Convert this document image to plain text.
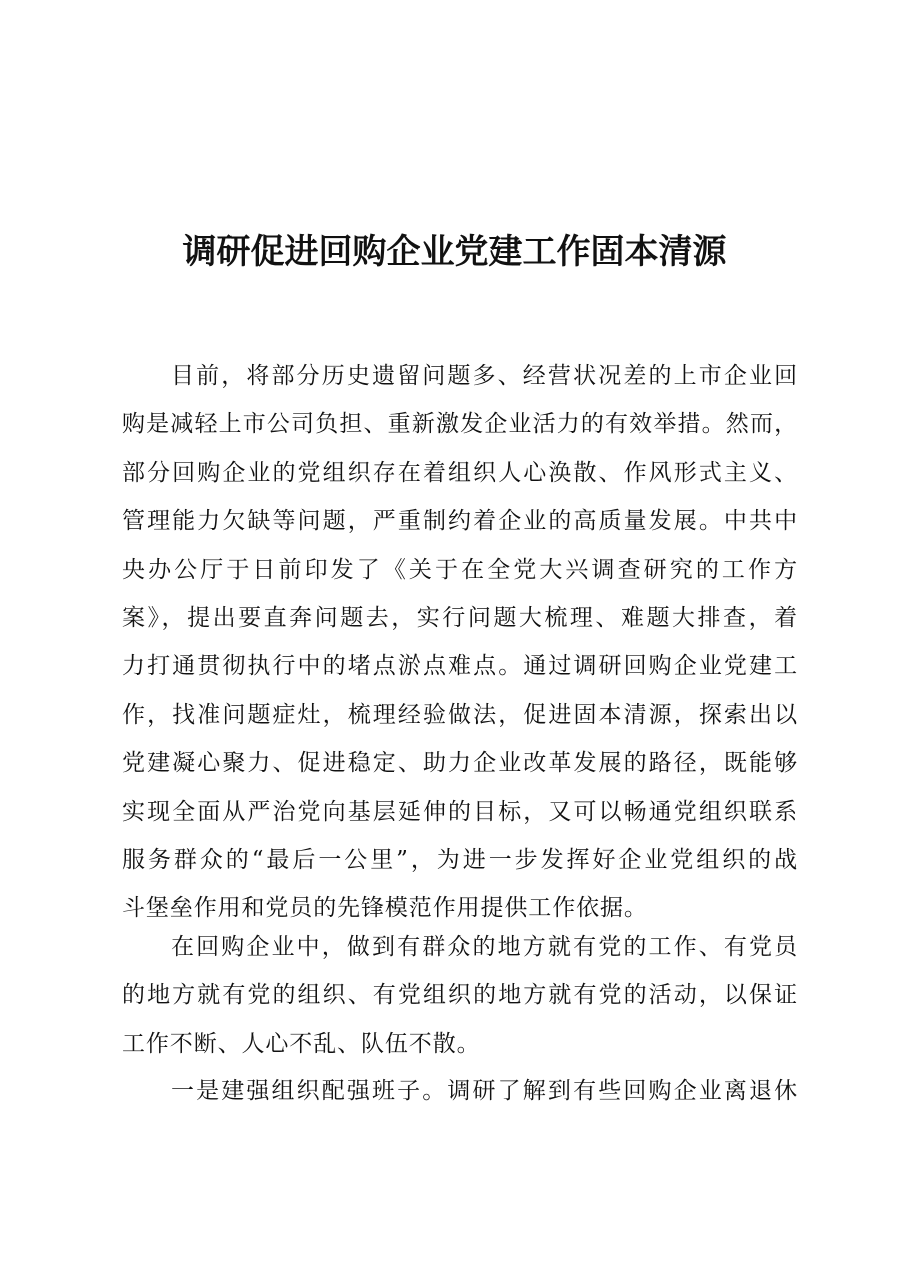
调研促进回购企业党建工作固本清源
目前，将部分历史遗留问题多、经营状况差的上市企业回
购是减轻上市公司负担、重新激发企业活力的有效举措。然而，
部分回购企业的党组织存在着组织人心涣散、作风形式主义、
管理能力欠缺等问题，严重制约着企业的高质量发展。中共中
央办公厅于日前印发了《关于在全党大兴调查研究的工作方
案》，提出要直奔问题去，实行问题大梳理、难题大排查，着
力打通贯彻执行中的堵点淤点难点。通过调研回购企业党建工
作，找准问题症灶，梳理经验做法，促进固本清源，探索出以
党建凝心聚力、促进稳定、助力企业改革发展的路径，既能够
实现全面从严治党向基层延伸的目标，又可以畅通党组织联系
服务群众的“最后一公里”，为进一步发挥好企业党组织的战
斗堡垒作用和党员的先锋模范作用提供工作依据。
在回购企业中，做到有群众的地方就有党的工作、有党员
的地方就有党的组织、有党组织的地方就有党的活动，以保证
工作不断、人心不乱、队伍不散。
一是建强组织配强班子。调研了解到有些回购企业离退休
